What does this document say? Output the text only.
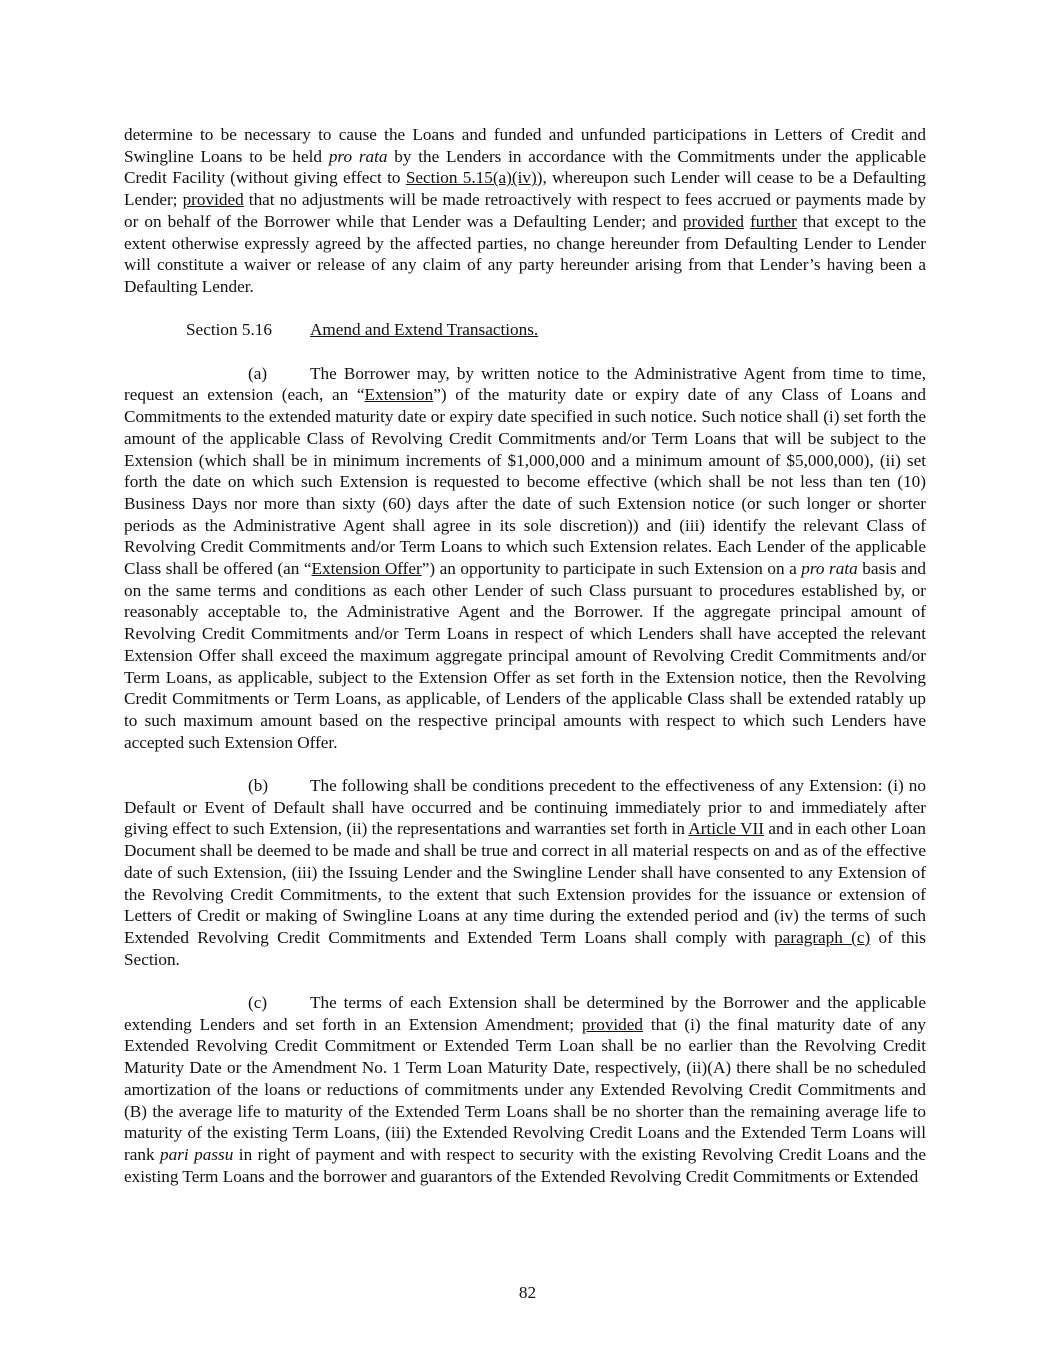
determine to be necessary to cause the Loans and funded and unfunded participations in Letters of Credit and Swingline Loans to be held pro rata by the Lenders in accordance with the Commitments under the applicable Credit Facility (without giving effect to Section 5.15(a)(iv)), whereupon such Lender will cease to be a Defaulting Lender; provided that no adjustments will be made retroactively with respect to fees accrued or payments made by or on behalf of the Borrower while that Lender was a Defaulting Lender; and provided further that except to the extent otherwise expressly agreed by the affected parties, no change hereunder from Defaulting Lender to Lender will constitute a waiver or release of any claim of any party hereunder arising from that Lender’s having been a Defaulting Lender.

Section 5.16 Amend and Extend Transactions.

(a) The Borrower may, by written notice to the Administrative Agent from time to time, request an extension (each, an “Extension”) of the maturity date or expiry date of any Class of Loans and Commitments to the extended maturity date or expiry date specified in such notice. Such notice shall (i) set forth the amount of the applicable Class of Revolving Credit Commitments and/or Term Loans that will be subject to the Extension (which shall be in minimum increments of $1,000,000 and a minimum amount of $5,000,000), (ii) set forth the date on which such Extension is requested to become effective (which shall be not less than ten (10) Business Days nor more than sixty (60) days after the date of such Extension notice (or such longer or shorter periods as the Administrative Agent shall agree in its sole discretion)) and (iii) identify the relevant Class of Revolving Credit Commitments and/or Term Loans to which such Extension relates. Each Lender of the applicable Class shall be offered (an “Extension Offer”) an opportunity to participate in such Extension on a pro rata basis and on the same terms and conditions as each other Lender of such Class pursuant to procedures established by, or reasonably acceptable to, the Administrative Agent and the Borrower. If the aggregate principal amount of Revolving Credit Commitments and/or Term Loans in respect of which Lenders shall have accepted the relevant Extension Offer shall exceed the maximum aggregate principal amount of Revolving Credit Commitments and/or Term Loans, as applicable, subject to the Extension Offer as set forth in the Extension notice, then the Revolving Credit Commitments or Term Loans, as applicable, of Lenders of the applicable Class shall be extended ratably up to such maximum amount based on the respective principal amounts with respect to which such Lenders have accepted such Extension Offer.

(b) The following shall be conditions precedent to the effectiveness of any Extension: (i) no Default or Event of Default shall have occurred and be continuing immediately prior to and immediately after giving effect to such Extension, (ii) the representations and warranties set forth in Article VII and in each other Loan Document shall be deemed to be made and shall be true and correct in all material respects on and as of the effective date of such Extension, (iii) the Issuing Lender and the Swingline Lender shall have consented to any Extension of the Revolving Credit Commitments, to the extent that such Extension provides for the issuance or extension of Letters of Credit or making of Swingline Loans at any time during the extended period and (iv) the terms of such Extended Revolving Credit Commitments and Extended Term Loans shall comply with paragraph (c) of this Section.

(c) The terms of each Extension shall be determined by the Borrower and the applicable extending Lenders and set forth in an Extension Amendment; provided that (i) the final maturity date of any Extended Revolving Credit Commitment or Extended Term Loan shall be no earlier than the Revolving Credit Maturity Date or the Amendment No. 1 Term Loan Maturity Date, respectively, (ii)(A) there shall be no scheduled amortization of the loans or reductions of commitments under any Extended Revolving Credit Commitments and (B) the average life to maturity of the Extended Term Loans shall be no shorter than the remaining average life to maturity of the existing Term Loans, (iii) the Extended Revolving Credit Loans and the Extended Term Loans will rank pari passu in right of payment and with respect to security with the existing Revolving Credit Loans and the existing Term Loans and the borrower and guarantors of the Extended Revolving Credit Commitments or Extended

82
